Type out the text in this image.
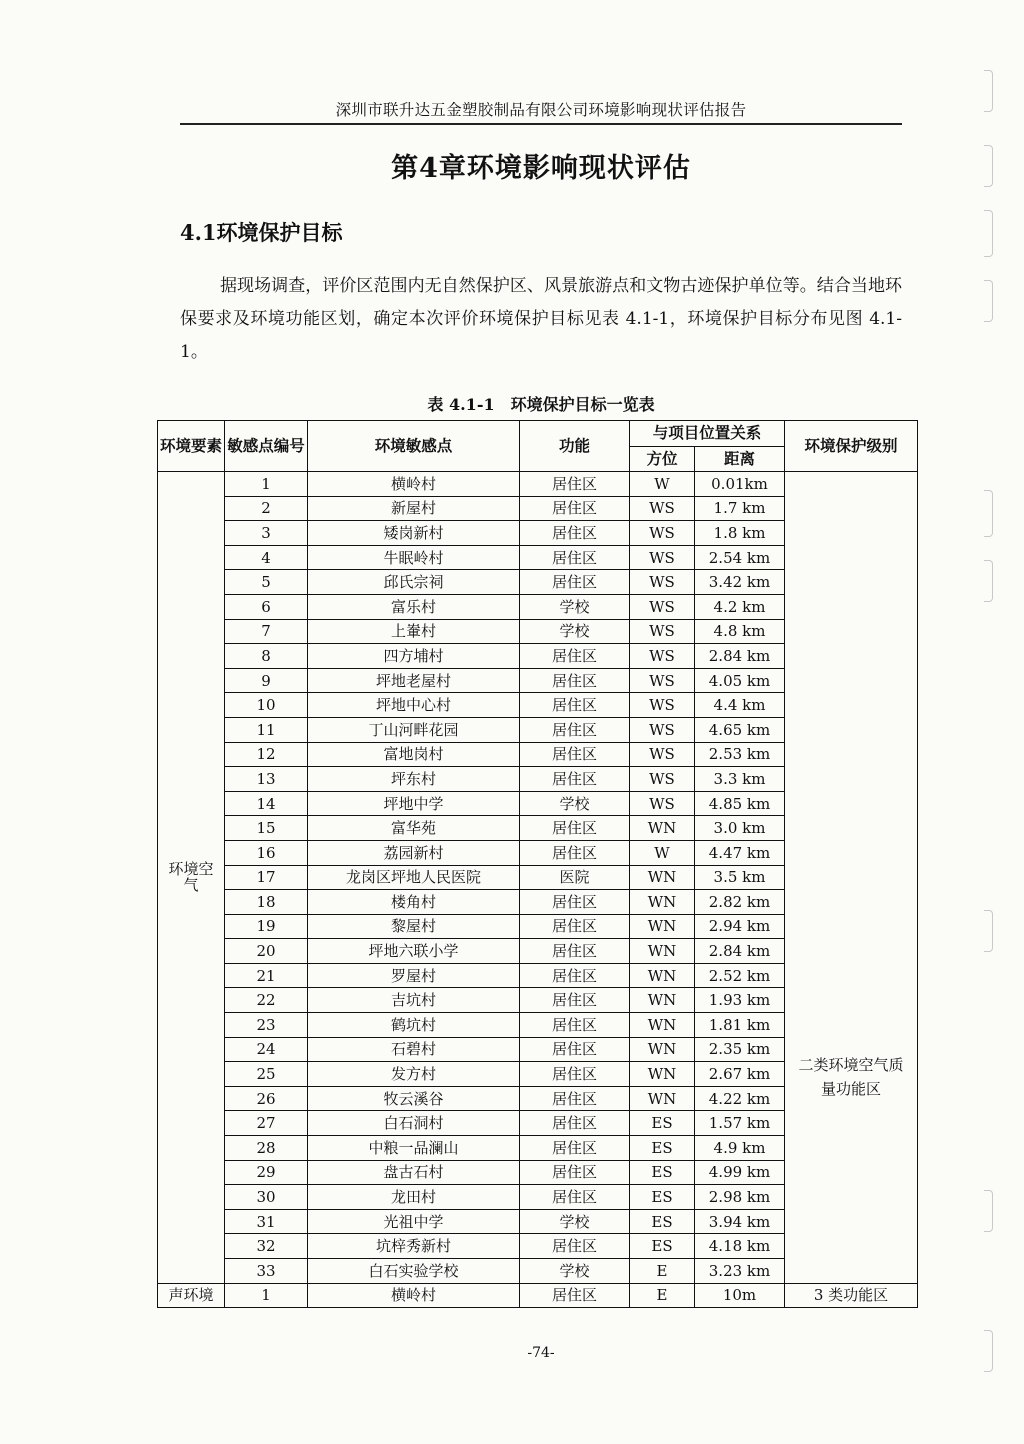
深圳市联升达五金塑胶制品有限公司环境影响现状评估报告
第4章环境影响现状评估
4.1环境保护目标
据现场调查，评价区范围内无自然保护区、风景旅游点和文物古迹保护单位等。结合当地环保要求及环境功能区划，确定本次评价环境保护目标见表 4.1-1，环境保护目标分布见图 4.1-1。
表 4.1-1　环境保护目标一览表
环境要素	敏感点编号	环境敏感点	功能	与项目位置关系		环境保护级别
				方位	距离	
环境空气	1	横岭村	居住区	W	0.01km	二类环境空气质量功能区
	2	新屋村	居住区	WS	1.7 km	
	3	矮岗新村	居住区	WS	1.8 km	
	4	牛眠岭村	居住区	WS	2.54 km	
	5	邱氏宗祠	居住区	WS	3.42 km	
	6	富乐村	学校	WS	4.2 km	
	7	上輋村	学校	WS	4.8 km	
	8	四方埔村	居住区	WS	2.84 km	
	9	坪地老屋村	居住区	WS	4.05 km	
	10	坪地中心村	居住区	WS	4.4 km	
	11	丁山河畔花园	居住区	WS	4.65 km	
	12	富地岗村	居住区	WS	2.53 km	
	13	坪东村	居住区	WS	3.3 km	
	14	坪地中学	学校	WS	4.85 km	
	15	富华苑	居住区	WN	3.0 km	
	16	荔园新村	居住区	W	4.47 km	
	17	龙岗区坪地人民医院	医院	WN	3.5 km	
	18	楼角村	居住区	WN	2.82 km	
	19	黎屋村	居住区	WN	2.94 km	
	20	坪地六联小学	居住区	WN	2.84 km	
	21	罗屋村	居住区	WN	2.52 km	
	22	吉坑村	居住区	WN	1.93 km	
	23	鹤坑村	居住区	WN	1.81 km	
	24	石碧村	居住区	WN	2.35 km	
	25	发方村	居住区	WN	2.67 km	
	26	牧云溪谷	居住区	WN	4.22 km	
	27	白石洞村	居住区	ES	1.57 km	
	28	中粮一品澜山	居住区	ES	4.9 km	
	29	盘古石村	居住区	ES	4.99 km	
	30	龙田村	居住区	ES	2.98 km	
	31	光祖中学	学校	ES	3.94 km	
	32	坑梓秀新村	居住区	ES	4.18 km	
	33	白石实验学校	学校	E	3.23 km	
声环境	1	横岭村	居住区	E	10m	3 类功能区
-74-
